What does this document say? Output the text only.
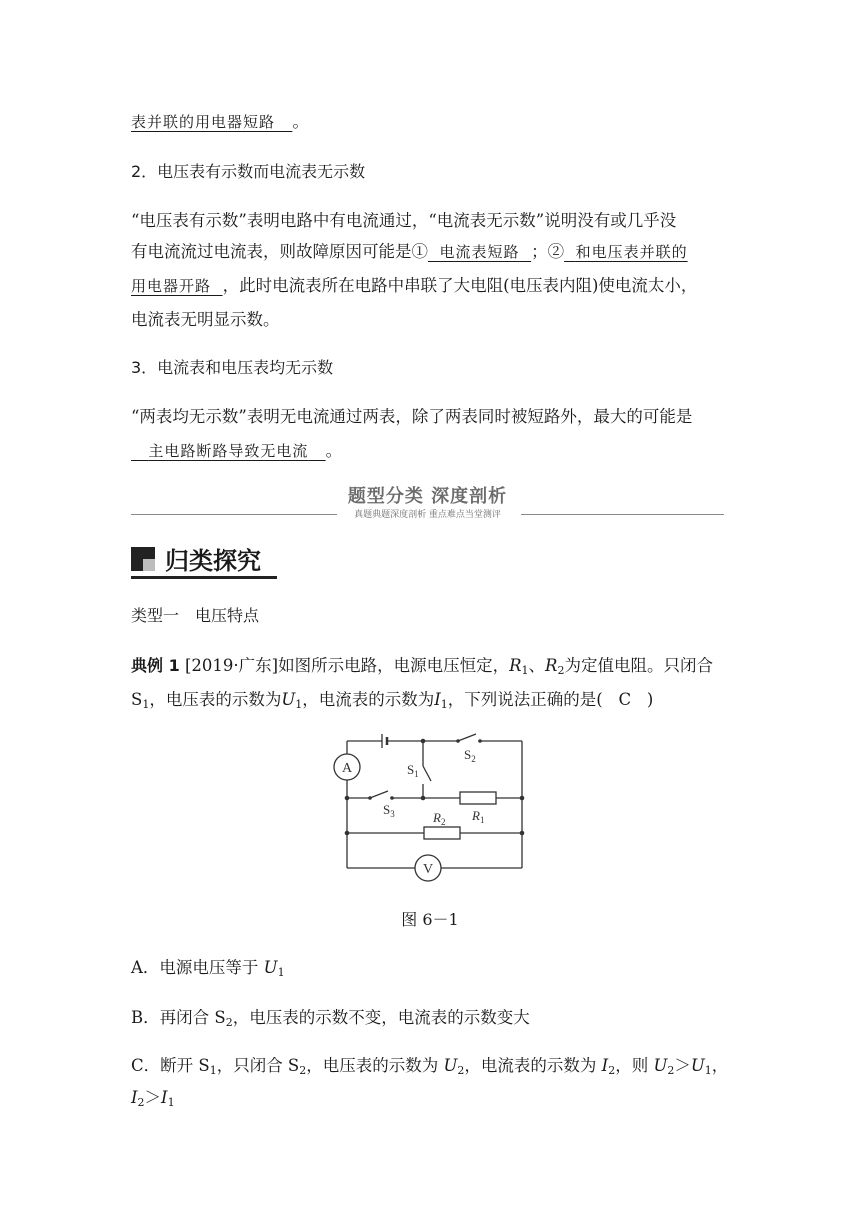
表并联的用电器短路 。
2．电压表有示数而电流表无示数
“电压表有示数”表明电路中有电流通过，“电流表无示数”说明没有或几乎没
有电流流过电流表，则故障原因可能是① 电流表短路 ；② 和电压表并联的
用电器开路 ，此时电流表所在电路中串联了大电阻(电压表内阻)使电流太小，
电流表无明显示数。
3．电流表和电压表均无示数
“两表均无示数”表明无电流通过两表，除了两表同时被短路外，最大的可能是
主电路断路导致无电流 。
题型分类 深度剖析
真题典题深度剖析 重点难点当堂测评
归类探究
类型一　电压特点
典例 1 [2019·广东]如图所示电路，电源电压恒定，$R_1$、$R_2$为定值电阻。只闭合
$S_1$，电压表的示数为$U_1$，电流表的示数为$I_1$，下列说法正确的是( C )
A
V
$S_1$
$S_2$
$S_3$	$R_1$
$R_2$
图 6－1
A．电源电压等于 $U_1$
B．再闭合 $S_2$，电压表的示数不变，电流表的示数变大
C．断开 $S_1$，只闭合 $S_2$，电压表的示数为 $U_2$，电流表的示数为 $I_2$，则 $U_2>U_1$，
$I_2>I_1$
